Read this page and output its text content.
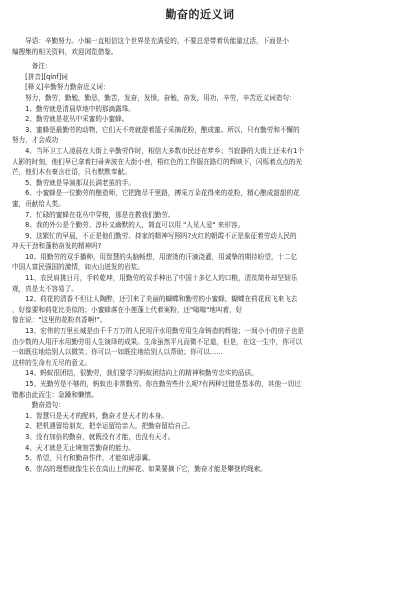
勤奋的近义词

　　导语：辛勤努力。小编一直相信这个世界是充满爱的，不要总是带着负能量过活，下面是小

编搜集的相关资料，欢迎浏览借鉴。

　　　备注：

　　[拼音][qínf]词

　　[释义]辛勤努力勤奋近义词：

　　努力，勤劳，勤勉，勤恳，勤苦，发奋，发愤，奋勉，奋发，用功，辛劳，辛苦近义词造句：

　　1、勤劳就是清晨草地中的那滴露珠。

　　2、勤劳就是花丛中采蜜的小蜜蜂。

　　3、蜜蜂是最勤劳的动物，它们天不亮就提着篮子采摘花粉，酿成蜜。所以，只有勤劳和不懈的

努力，才会成功

　　4、当环卫工人凌晨在大街上辛勤劳作时，相信大多数市民还在梦乡；当寂静的大街上还未有1个

人影的时刻，他们早已拿着扫帚奔波在大街小巷，梧红色的工作服在路灯的辉映下，闪烁着点点的光

芒，他们木有豪言壮语，只有默默奉献。

　　5、勤劳就是导演那双长满老茧的手。

　　6、小蜜蜂是一位勤劳的酿造师，它把跑尽千里路，搏采万朵花得来的花粉，精心酿成甜甜的花

蜜，贡献给人类。

　　7、忙碌的蜜蜂在花丛中穿梭，那是在教我们勤劳。

　　8、我的外公是个勤劳、淳朴又幽默的人，简直可以用 "人见人爱" 来形容。

　　9、这繁忙的早晨，不正是他们勤劳、持家的精神写照吗?火红的朝霞不正是象征着劳动人民的

冲天干劲和蓬勃奋发的精神吗?

　　10、用勤劳的双手播种，用智慧的头脑畅想，用滚烫的汗滴浇灌，用诚挚的期待盼望，十二亿

中国人富民强国的激情，如火山迸发的岩浆。

　　11、农民肩挑日月，手转乾坤，用勤劳的双手种出了中国十多亿人的口粮，清贫简朴却坚韧乐

观，真是太不容易了。

　　12、荷花的清香不但让人陶醉，还引来了美丽的蝴蝶和勤劳的小蜜蜂，蝴蝶在荷花间飞来飞去

，好像要和荷花比美似的；小蜜蜂落在小莲蓬上代着案粉，还"嗡嗡"地叫着，好

像在说："这里的花粉真香啊!"。

　　13、宏伟的万里长城是由千千万万的人民用汗水用勤劳用生命铸造的辉煌；一间小小的房子也是

由少数的人用汗水用勤劳用人生演绎的成果。生命虽然平凡而微不足道，但是，在这一生中，你可以

一如既往地给别人以微笑；你可以一如既往地给别人以帮助；你可以……

这样的生命有无尽的意义。

　　14、蚂蚁很团结，很勤劳，我们要学习蚂蚁团结向上的精神和勤劳忠实的品质。

　　15、光勤劳是不够的，蚂蚁也非常勤劳。你在勤劳些什么呢?有两种过错是基本的，其他一切过

错都由此而生：急躁和懒惰。

　　　勤奋造句：

　　1、智慧只是天才的配料，勤奋才是天才的本身。

　　2、把机遇留给朋友，把幸运留给亲人，把勤奋留给自己。

　　3、没有加倍的勤奋，就既没有才能，也没有天才。

　　4、天才就是无止境刻苦勤奋的能力。

　　5、希望，只有和勤奋作伴，才能如虎添翼。

　　6、崇高的理想就像生长在高山上的鲜花。如果要摘下它，勤奋才能是攀登的绳索。
